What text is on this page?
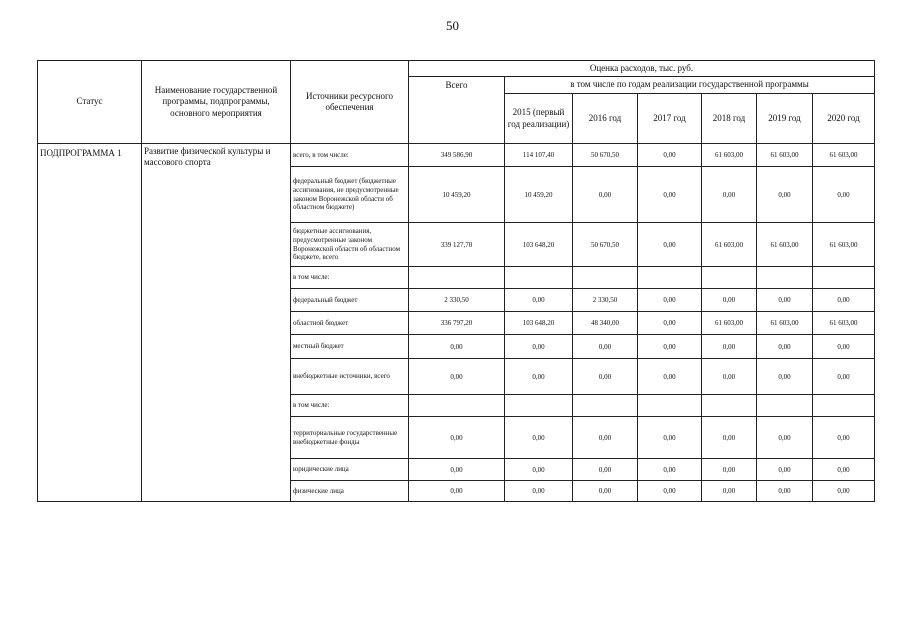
50
Статус	Наименование государственной программы, подпрограммы, основного мероприятия	Источники ресурсного обеспечения	Оценка расходов, тыс. руб.						
			Всего	в том числе по годам реализации государственной программы					
				2015 (первый год реализации)	2016 год	2017 год	2018 год	2019 год	2020 год
ПОДПРОГРАММА 1	Развитие физической культуры и массового спорта	всего, в том числе:	349 586,90	114 107,40	50 670,50	0,00	61 603,00	61 603,00	61 603,00
		федеральный бюджет (бюджетные ассигнования, не предусмотренные законом Воронежской области об областном бюджете)	10 459,20	10 459,20	0,00	0,00	0,00	0,00	0,00
		бюджетные ассигнования, предусмотренные законом Воронежской области об областном бюджете, всего	339 127,70	103 648,20	50 670,50	0,00	61 603,00	61 603,00	61 603,00
		в том числе:							
		федеральный бюджет	2 330,50	0,00	2 330,50	0,00	0,00	0,00	0,00
		областной бюджет	336 797,20	103 648,20	48 340,00	0,00	61 603,00	61 603,00	61 603,00
		местный бюджет	0,00	0,00	0,00	0,00	0,00	0,00	0,00
		внебюджетные источники, всего	0,00	0,00	0,00	0,00	0,00	0,00	0,00
		в том числе:							
		территориальные государственные внебюджетные фонды	0,00	0,00	0,00	0,00	0,00	0,00	0,00
		юридические лица	0,00	0,00	0,00	0,00	0,00	0,00	0,00
		физические лица	0,00	0,00	0,00	0,00	0,00	0,00	0,00
